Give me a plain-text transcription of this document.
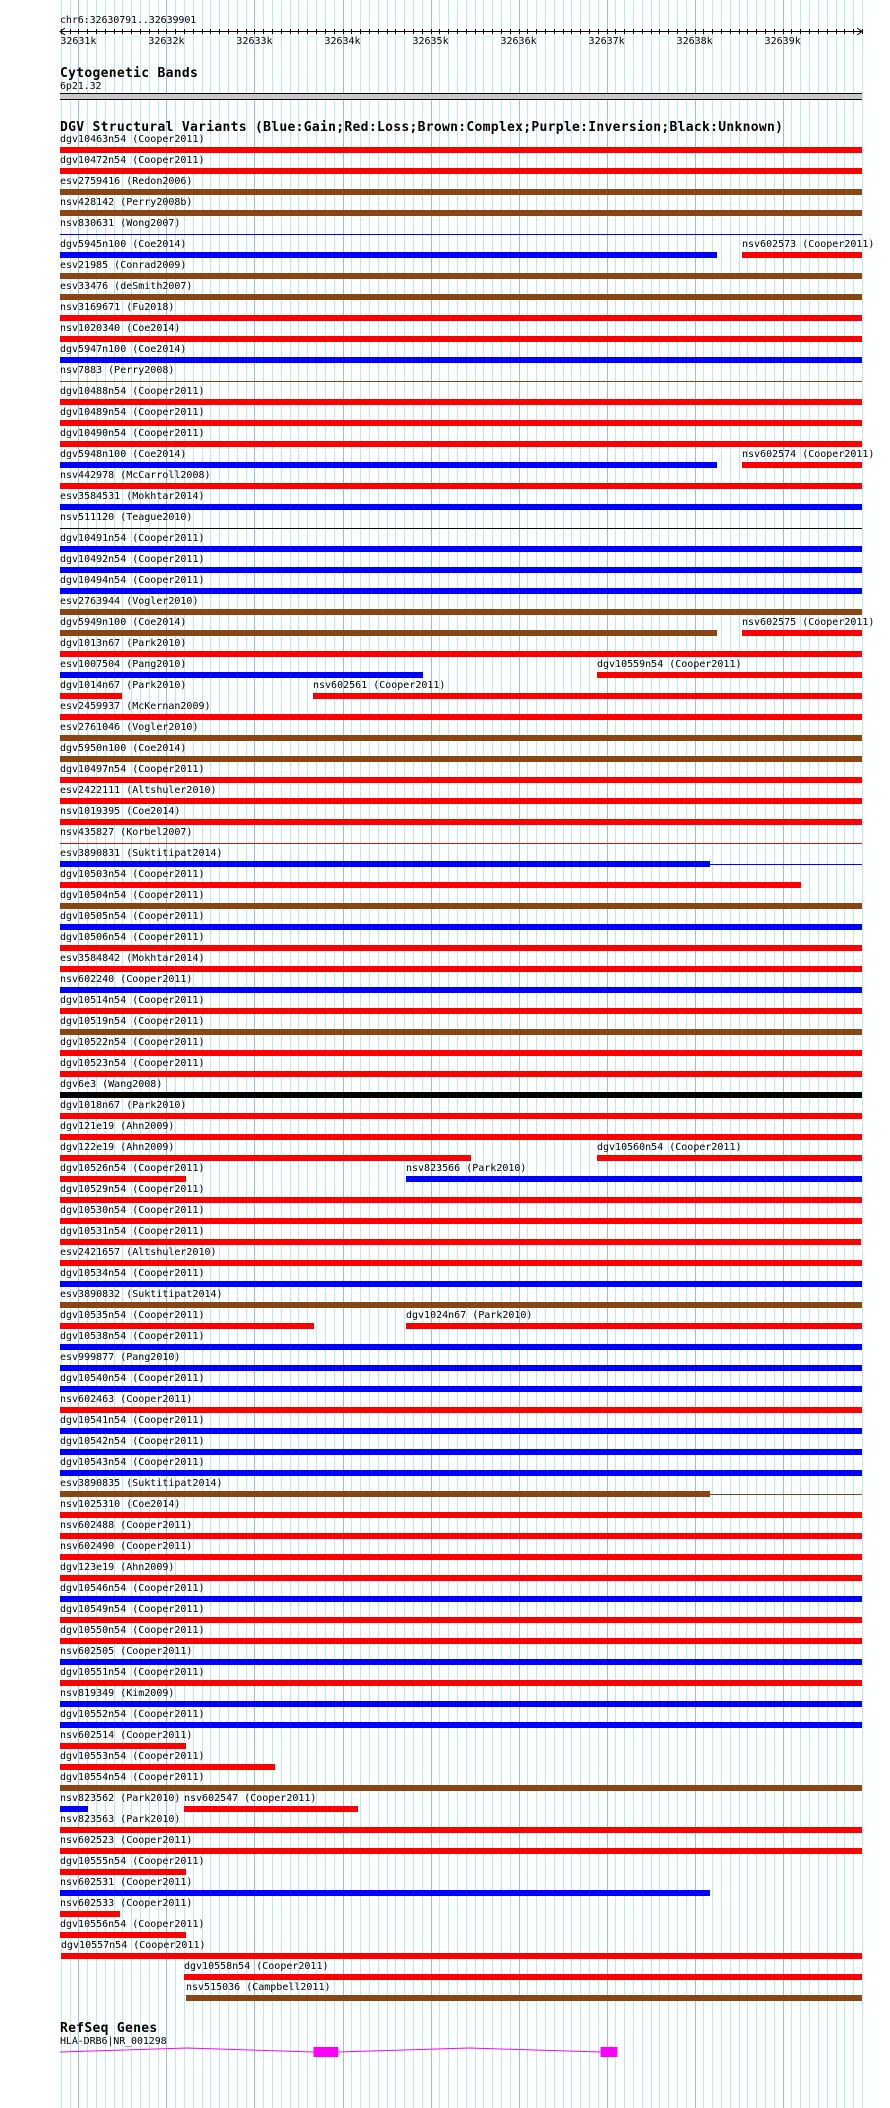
chr6:32630791..32639901
32631k	32632k	32633k	32634k	32635k	32636k	32637k	32638k	32639k
Cytogenetic Bands
6p21.32
DGV Structural Variants (Blue:Gain;Red:Loss;Brown:Complex;Purple:Inversion;Black:Unknown)
dgv10463n54 (Cooper2011)
dgv10472n54 (Cooper2011)
esv2759416 (Redon2006)
nsv428142 (Perry2008b)
nsv830631 (Wong2007)
dgv5945n100 (Coe2014)	nsv602573 (Cooper2011)
esv21985 (Conrad2009)
esv33476 (deSmith2007)
nsv3169671 (Fu2018)
nsv1020340 (Coe2014)
dgv5947n100 (Coe2014)
nsv7883 (Perry2008)
dgv10488n54 (Cooper2011)
dgv10489n54 (Cooper2011)
dgv10490n54 (Cooper2011)
dgv5948n100 (Coe2014)	nsv602574 (Cooper2011)
nsv442978 (McCarroll2008)
esv3584531 (Mokhtar2014)
nsv511120 (Teague2010)
dgv10491n54 (Cooper2011)
dgv10492n54 (Cooper2011)
dgv10494n54 (Cooper2011)
esv2763944 (Vogler2010)
dgv5949n100 (Coe2014)	nsv602575 (Cooper2011)
dgv1013n67 (Park2010)
esv1007504 (Pang2010)	dgv10559n54 (Cooper2011)
dgv1014n67 (Park2010)	nsv602561 (Cooper2011)
esv2459937 (McKernan2009)
esv2761046 (Vogler2010)
dgv5950n100 (Coe2014)
dgv10497n54 (Cooper2011)
esv2422111 (Altshuler2010)
nsv1019395 (Coe2014)
nsv435827 (Korbel2007)
esv3890831 (Suktitipat2014)
dgv10503n54 (Cooper2011)
dgv10504n54 (Cooper2011)
dgv10505n54 (Cooper2011)
dgv10506n54 (Cooper2011)
esv3584842 (Mokhtar2014)
nsv602240 (Cooper2011)
dgv10514n54 (Cooper2011)
dgv10519n54 (Cooper2011)
dgv10522n54 (Cooper2011)
dgv10523n54 (Cooper2011)
dgv6e3 (Wang2008)
dgv1018n67 (Park2010)
dgv121e19 (Ahn2009)
dgv122e19 (Ahn2009)	dgv10560n54 (Cooper2011)
dgv10526n54 (Cooper2011)	nsv823566 (Park2010)
dgv10529n54 (Cooper2011)
dgv10530n54 (Cooper2011)
dgv10531n54 (Cooper2011)
esv2421657 (Altshuler2010)
dgv10534n54 (Cooper2011)
esv3890832 (Suktitipat2014)
dgv10535n54 (Cooper2011)	dgv1024n67 (Park2010)
dgv10538n54 (Cooper2011)
esv999877 (Pang2010)
dgv10540n54 (Cooper2011)
nsv602463 (Cooper2011)
dgv10541n54 (Cooper2011)
dgv10542n54 (Cooper2011)
dgv10543n54 (Cooper2011)
esv3890835 (Suktitipat2014)
nsv1025310 (Coe2014)
nsv602488 (Cooper2011)
nsv602490 (Cooper2011)
dgv123e19 (Ahn2009)
dgv10546n54 (Cooper2011)
dgv10549n54 (Cooper2011)
dgv10550n54 (Cooper2011)
nsv602505 (Cooper2011)
dgv10551n54 (Cooper2011)
nsv819349 (Kim2009)
dgv10552n54 (Cooper2011)
nsv602514 (Cooper2011)
dgv10553n54 (Cooper2011)
dgv10554n54 (Cooper2011)
nsv823562 (Park2010) nsv602547 (Cooper2011)
nsv823563 (Park2010)
nsv602523 (Cooper2011)
dgv10555n54 (Cooper2011)
nsv602531 (Cooper2011)
nsv602533 (Cooper2011)
dgv10556n54 (Cooper2011)
dgv10557n54 (Cooper2011)
dgv10558n54 (Cooper2011)
nsv515036 (Campbell2011)
RefSeq Genes
HLA-DRB6|NR_001298
